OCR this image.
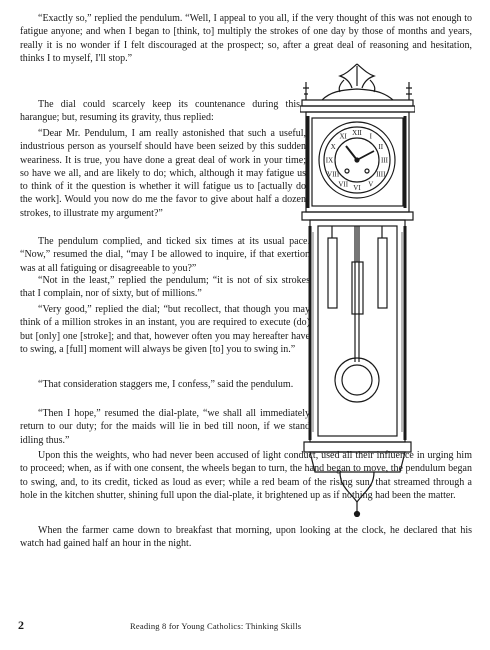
“Exactly so,” replied the pendulum. “Well, I appeal to you all, if the very thought of this was not enough to fatigue anyone; and when I began to [think, to] multiply the strokes of one day by those of months and years, really it is no wonder if I felt discouraged at the prospect; so, after a great deal of reasoning and hesitation, thinks I to myself, I'll stop.”

The dial could scarcely keep its countenance during this harangue; but, resuming its gravity, thus replied:

“Dear Mr. Pendulum, I am really astonished that such a useful, industrious person as yourself should have been seized by this sudden weariness. It is true, you have done a great deal of work in your time; so have we all, and are likely to do; which, although it may fatigue us to think of it the question is whether it will fatigue us to [actually do the work]. Would you now do me the favor to give about half a dozen strokes, to illustrate my argument?”

The pendulum complied, and ticked six times at its usual pace. “Now,” resumed the dial, “may I be allowed to inquire, if that exertion was at all fatiguing or disagreeable to you?”

“Not in the least,” replied the pendulum; “it is not of six strokes that I complain, nor of sixty, but of millions.”

“Very good,” replied the dial; “but recollect, that though you may think of a million strokes in an instant, you are required to execute (do) but [only] one [stroke]; and that, however often you may hereafter have to swing, a [full] moment will always be given [to] you to swing in.”

“That consideration staggers me, I confess,” said the pendulum.

“Then I hope,” resumed the dial-plate, “we shall all immediately return to our duty; for the maids will lie in bed till noon, if we stand idling thus.”

Upon this the weights, who had never been accused of light conduct, used all their influence in urging him to proceed; when, as if with one consent, the wheels began to turn, the hand began to move, the pendulum began to swing, and, to its credit, ticked as loud as ever; while a red beam of the rising sun, that streamed through a hole in the kitchen shutter, shining full upon the dial-plate, it brightened up as if nothing had been the matter.

When the farmer came down to breakfast that morning, upon looking at the clock, he declared that his watch had gained half an hour in the night.

XII I
II
III
IIII
V
VI
VII
VIII
IX
X
XI
2	Reading 8 for Young Catholics: Thinking Skills
